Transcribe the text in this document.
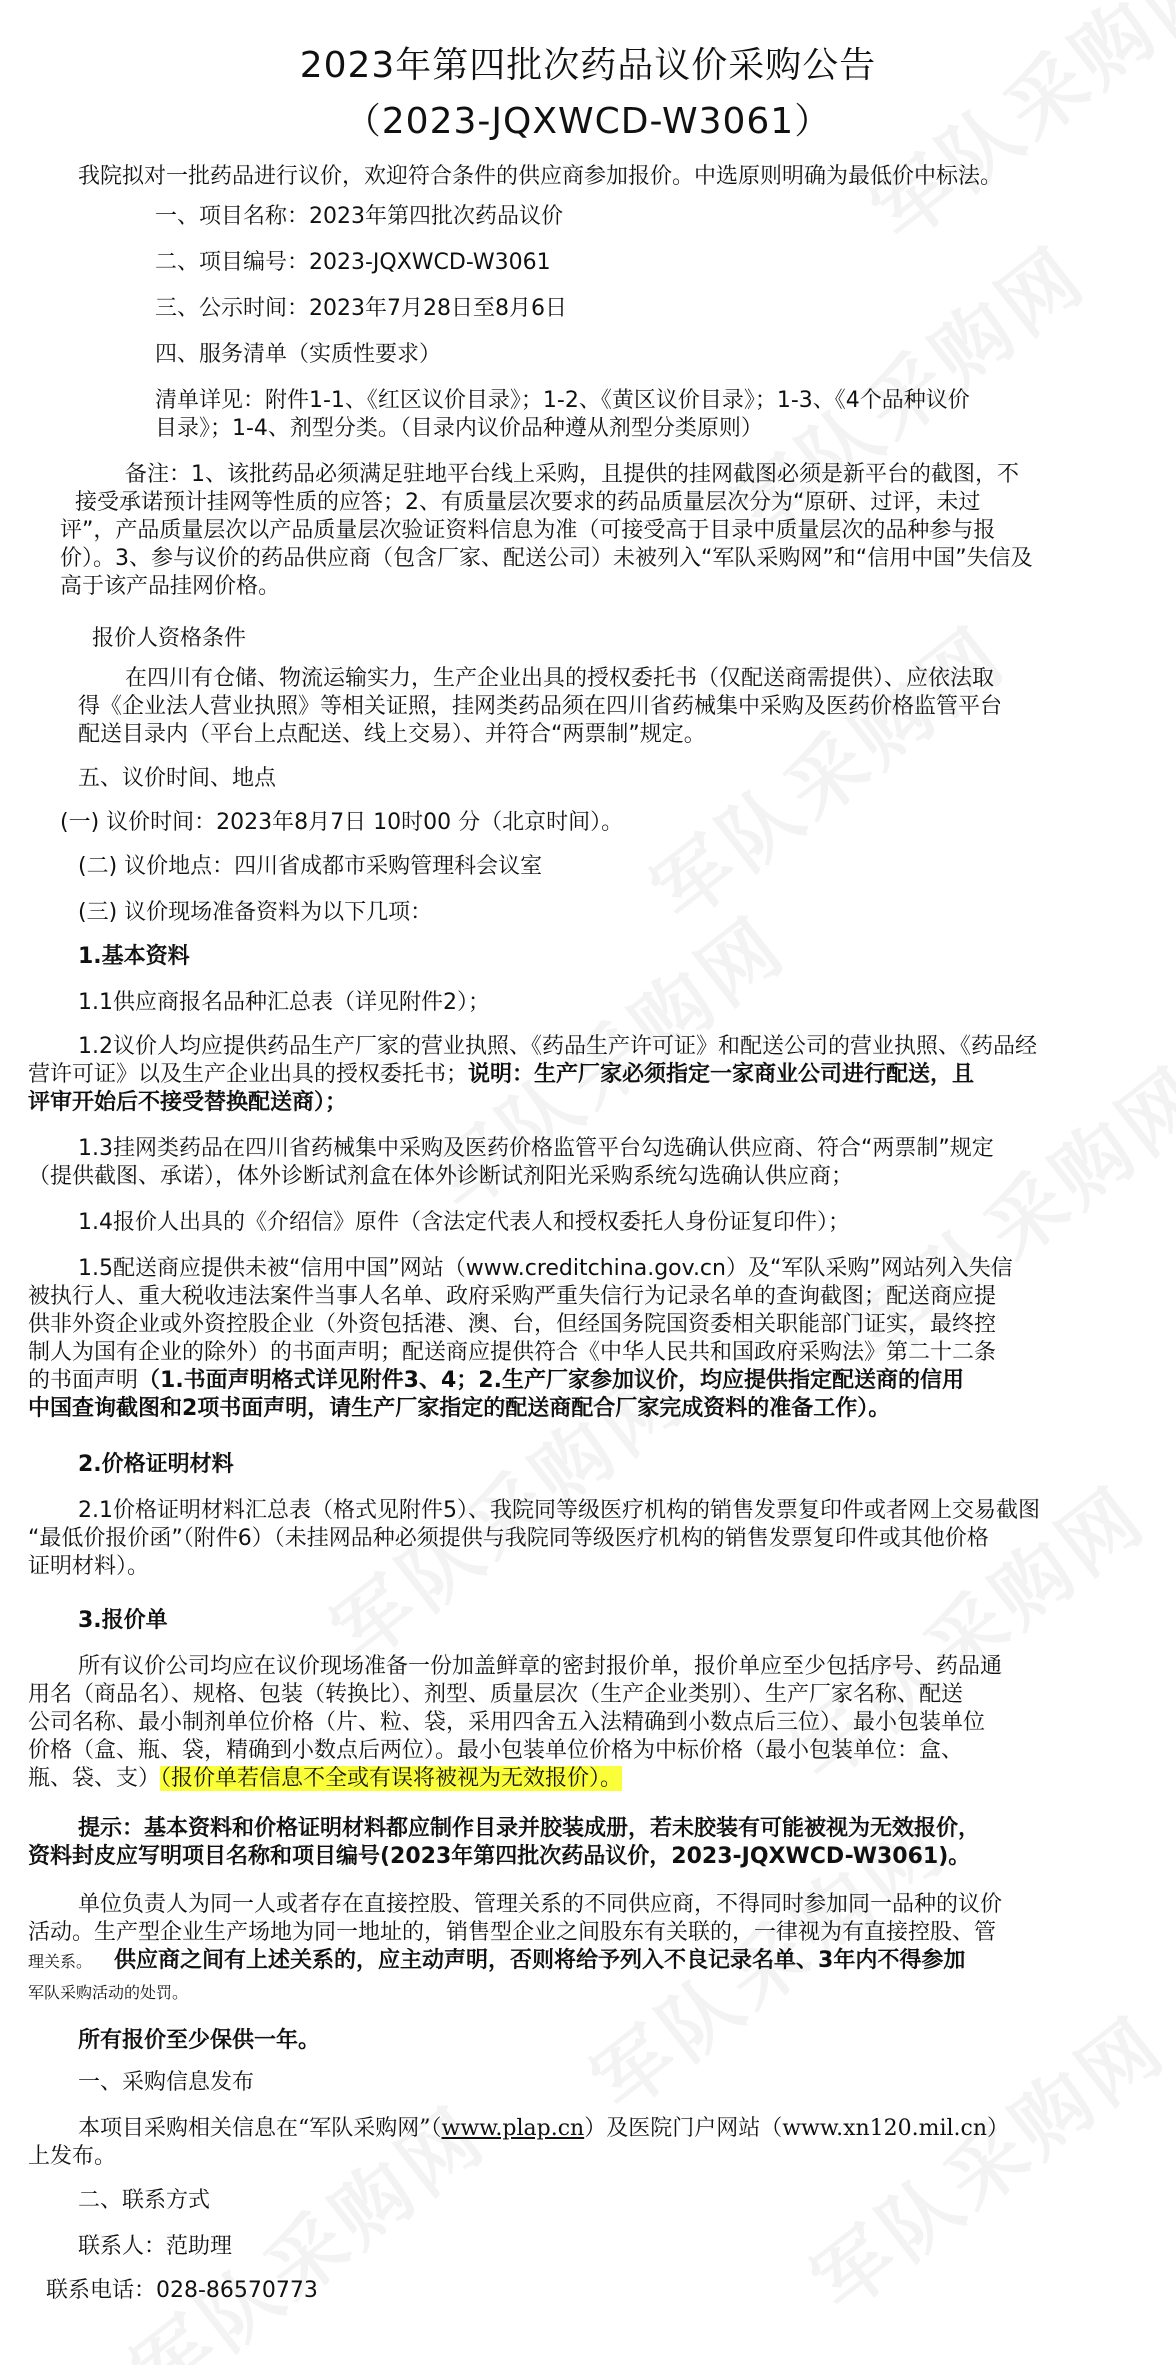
2023年第四批次药品议价采购公告
（2023-JQXWCD-W3061）
我院拟对一批药品进行议价，欢迎符合条件的供应商参加报价。中选原则明确为最低价中标法。
一、项目名称：2023年第四批次药品议价
二、项目编号：2023-JQXWCD-W3061
三、公示时间：2023年7月28日至8月6日
四、服务清单（实质性要求）
清单详见：附件1-1、《红区议价目录》；1-2、《黄区议价目录》；1-3、《4个品种议价
目录》；1-4、剂型分类。（目录内议价品种遵从剂型分类原则）
备注：1、该批药品必须满足驻地平台线上采购，且提供的挂网截图必须是新平台的截图，不
接受承诺预计挂网等性质的应答；2、有质量层次要求的药品质量层次分为“原研、过评，未过
评”，产品质量层次以产品质量层次验证资料信息为准（可接受高于目录中质量层次的品种参与报
价）。3、参与议价的药品供应商（包含厂家、配送公司）未被列入“军队采购网”和“信用中国”失信及
高于该产品挂网价格。
报价人资格条件
在四川有仓储、物流运输实力，生产企业出具的授权委托书（仅配送商需提供）、应依法取
得《企业法人营业执照》等相关证照，挂网类药品须在四川省药械集中采购及医药价格监管平台
配送目录内（平台上点配送、线上交易）、并符合“两票制”规定。
五、议价时间、地点
(一) 议价时间：2023年8月7日 10时00 分（北京时间）。
(二) 议价地点：四川省成都市采购管理科会议室
(三) 议价现场准备资料为以下几项：
1.基本资料
1.1供应商报名品种汇总表（详见附件2）；
1.2议价人均应提供药品生产厂家的营业执照、《药品生产许可证》和配送公司的营业执照、《药品经
营许可证》以及生产企业出具的授权委托书；说明：生产厂家必须指定一家商业公司进行配送，且
评审开始后不接受替换配送商）；
1.3挂网类药品在四川省药械集中采购及医药价格监管平台勾选确认供应商、符合“两票制”规定
（提供截图、承诺），体外诊断试剂盒在体外诊断试剂阳光采购系统勾选确认供应商；
1.4报价人出具的《介绍信》原件（含法定代表人和授权委托人身份证复印件）；
1.5配送商应提供未被“信用中国”网站（www.creditchina.gov.cn）及“军队采购”网站列入失信
被执行人、重大税收违法案件当事人名单、政府采购严重失信行为记录名单的查询截图；配送商应提
供非外资企业或外资控股企业（外资包括港、澳、台，但经国务院国资委相关职能部门证实，最终控
制人为国有企业的除外）的书面声明；配送商应提供符合《中华人民共和国政府采购法》第二十二条
的书面声明（1.书面声明格式详见附件3、4；2.生产厂家参加议价，均应提供指定配送商的信用
中国查询截图和2项书面声明，请生产厂家指定的配送商配合厂家完成资料的准备工作）。
2.价格证明材料
2.1价格证明材料汇总表（格式见附件5）、我院同等级医疗机构的销售发票复印件或者网上交易截图
“最低价报价函”（附件6）（未挂网品种必须提供与我院同等级医疗机构的销售发票复印件或其他价格
证明材料）。
3.报价单
所有议价公司均应在议价现场准备一份加盖鲜章的密封报价单，报价单应至少包括序号、药品通
用名（商品名）、规格、包装（转换比）、剂型、质量层次（生产企业类别）、生产厂家名称、配送
公司名称、最小制剂单位价格（片、粒、袋，采用四舍五入法精确到小数点后三位）、最小包装单位
价格（盒、瓶、袋，精确到小数点后两位）。最小包装单位价格为中标价格（最小包装单位：盒、
瓶、袋、支）（报价单若信息不全或有误将被视为无效报价）。
提示：基本资料和价格证明材料都应制作目录并胶装成册，若未胶装有可能被视为无效报价，
资料封皮应写明项目名称和项目编号(2023年第四批次药品议价，2023-JQXWCD-W3061)。
单位负责人为同一人或者存在直接控股、管理关系的不同供应商，不得同时参加同一品种的议价
活动。生产型企业生产场地为同一地址的，销售型企业之间股东有关联的，一律视为有直接控股、管
理关系。 供应商之间有上述关系的，应主动声明，否则将给予列入不良记录名单、3年内不得参加
军队采购活动的处罚。
所有报价至少保供一年。
一、采购信息发布
本项目采购相关信息在“军队采购网”（www.plap.cn）及医院门户网站（www.xn120.mil.cn）
上发布。
二、联系方式
联系人：范助理
联系电话：028-86570773
